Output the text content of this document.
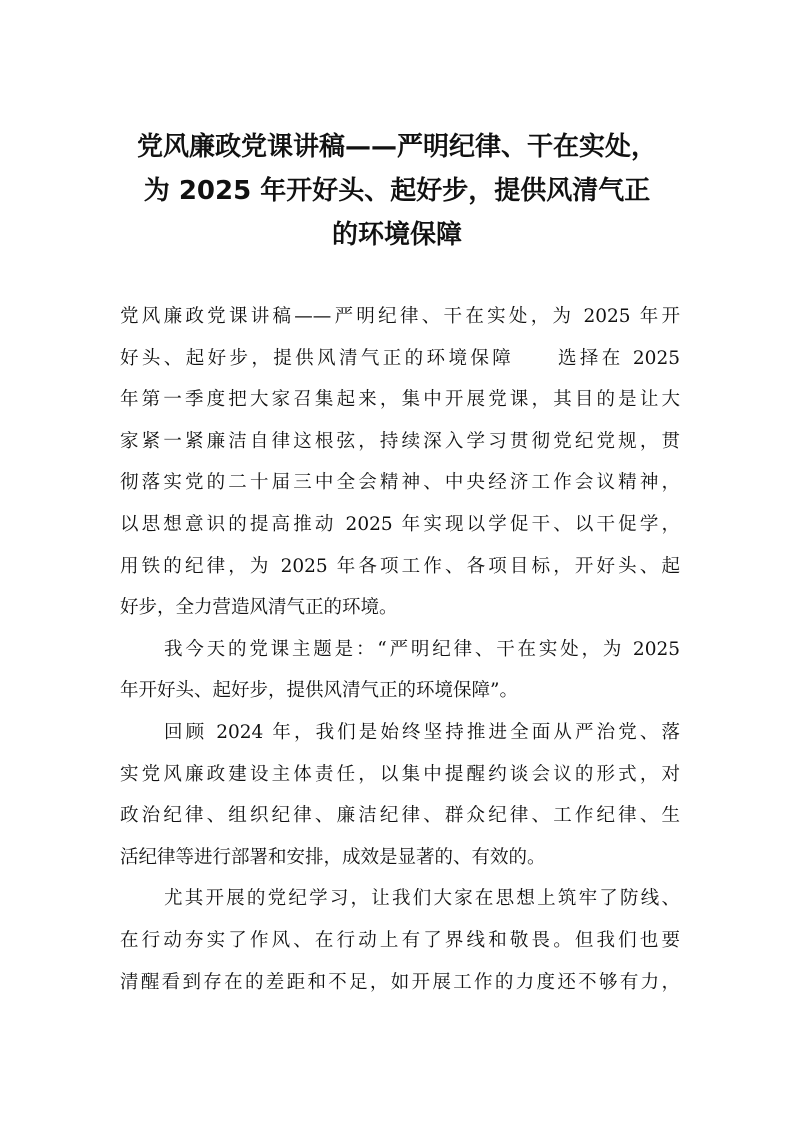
党风廉政党课讲稿——严明纪律、干在实处，
为 2025 年开好头、起好步，提供风清气正
的环境保障
党风廉政党课讲稿——严明纪律、干在实处，为 2025 年开
好头、起好步，提供风清气正的环境保障　　选择在 2025
年第一季度把大家召集起来，集中开展党课，其目的是让大
家紧一紧廉洁自律这根弦，持续深入学习贯彻党纪党规，贯
彻落实党的二十届三中全会精神、中央经济工作会议精神，
以思想意识的提高推动 2025 年实现以学促干、以干促学，
用铁的纪律，为 2025 年各项工作、各项目标，开好头、起
好步，全力营造风清气正的环境。
我今天的党课主题是：“严明纪律、干在实处，为 2025
年开好头、起好步，提供风清气正的环境保障”。
回顾 2024 年，我们是始终坚持推进全面从严治党、落
实党风廉政建设主体责任，以集中提醒约谈会议的形式，对
政治纪律、组织纪律、廉洁纪律、群众纪律、工作纪律、生
活纪律等进行部署和安排，成效是显著的、有效的。
尤其开展的党纪学习，让我们大家在思想上筑牢了防线、
在行动夯实了作风、在行动上有了界线和敬畏。但我们也要
清醒看到存在的差距和不足，如开展工作的力度还不够有力，
